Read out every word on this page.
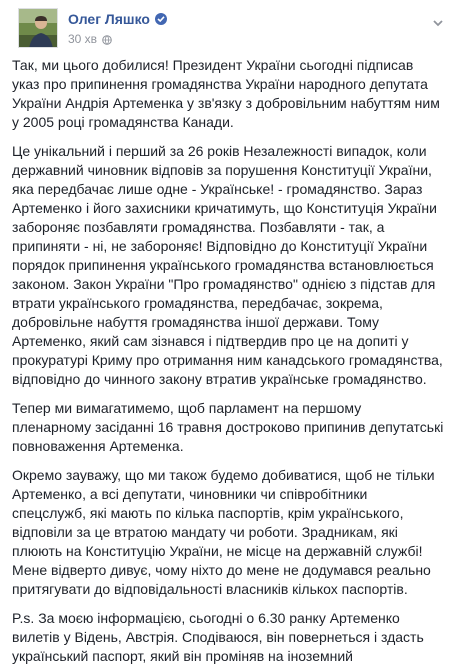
Олег Ляшко
30 хв

Так, ми цього добилися! Президент України сьогодні підписав указ про припинення громадянства України народного депутата України Андрія Артеменка у зв'язку з добровільним набуттям ним у 2005 році громадянства Канади.

Це унікальний і перший за 26 років Незалежності випадок, коли державний чиновник відповів за порушення Конституції України, яка передбачає лише одне - Українське! - громадянство. Зараз Артеменко і його захисники кричатимуть, що Конституція України забороняє позбавляти громадянства. Позбавляти - так, а припиняти - ні, не забороняє! Відповідно до Конституції України порядок припинення українського громадянства встановлюється законом. Закон України "Про громадянство" однією з підстав для втрати українського громадянства, передбачає, зокрема, добровільне набуття громадянства іншої держави. Тому Артеменко, який сам зізнався і підтвердив про це на допиті у прокуратурі Криму про отримання ним канадського громадянства, відповідно до чинного закону втратив українське громадянство.

Тепер ми вимагатимемо, щоб парламент на першому пленарному засіданні 16 травня достроково припинив депутатські повноваження Артеменка.

Окремо зауважу, що ми також будемо добиватися, щоб не тільки Артеменко, а всі депутати, чиновники чи співробітники спецслужб, які мають по кілька паспортів, крім українського, відповіли за це втратою мандату чи роботи. Зрадникам, які плюють на Конституцію України, не місце на державній службі! Мене відверто дивує, чому ніхто до мене не додумався реально притягувати до відповідальності власників кількох паспортів.

P.s. За моєю інформацією, сьогодні о 6.30 ранку Артеменко вилетів у Відень, Австрія. Сподіваюся, він повернеться і здасть український паспорт, який він проміняв на іноземний
